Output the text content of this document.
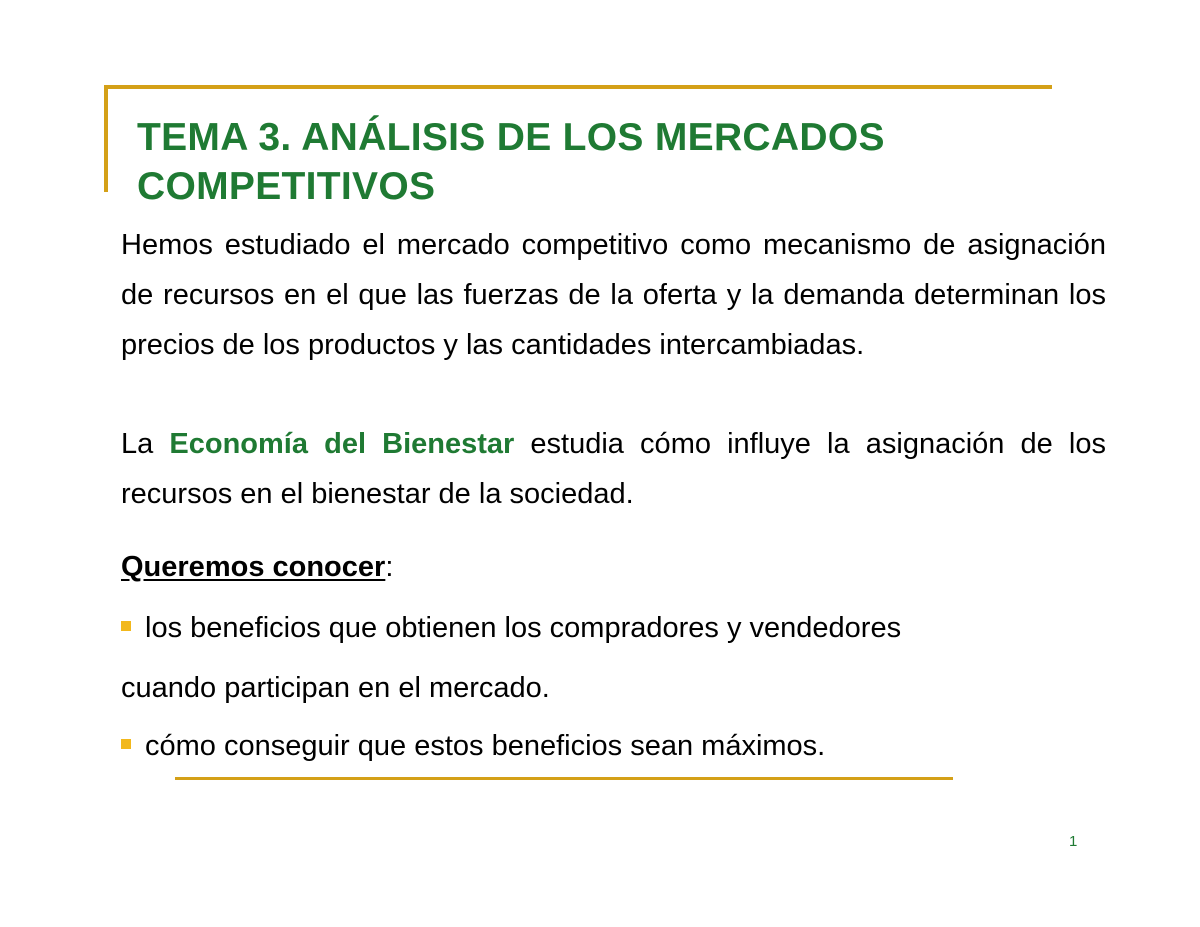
TEMA 3. ANÁLISIS DE LOS MERCADOS
COMPETITIVOS

Hemos estudiado el mercado competitivo como mecanismo de asignación de recursos en el que las fuerzas de la oferta y la demanda determinan los precios de los productos y las cantidades intercambiadas.

La Economía del Bienestar estudia cómo influye la asignación de los recursos en el bienestar de la sociedad.

Queremos conocer:

los beneficios que obtienen los compradores y vendedores
cuando participan en el mercado.
cómo conseguir que estos beneficios sean máximos.
1
